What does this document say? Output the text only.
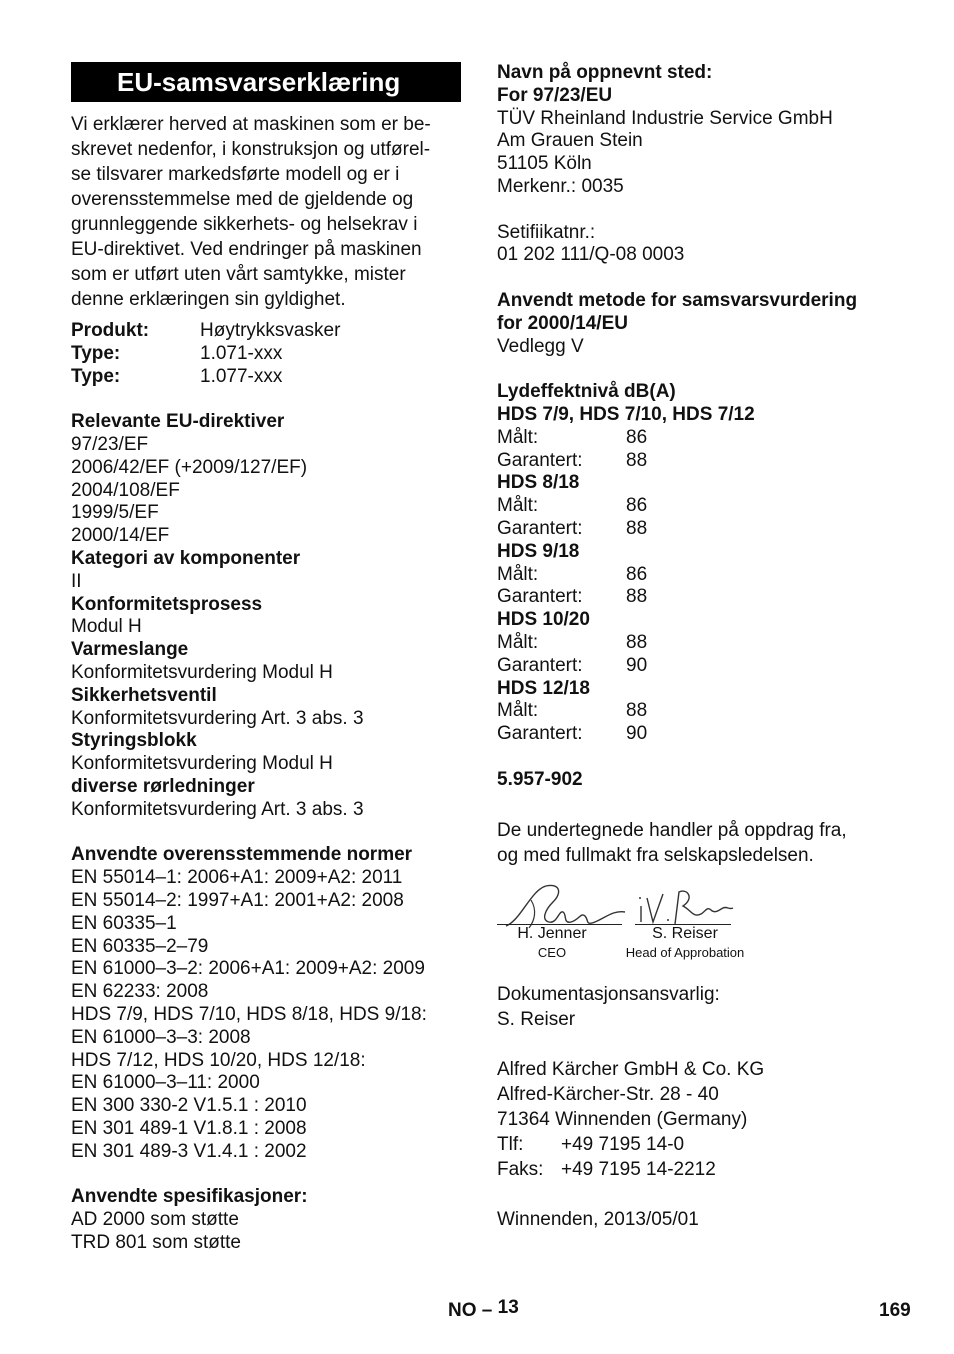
EU-samsvarserklæring
Vi erklærer herved at maskinen som er be-
skrevet nedenfor, i konstruksjon og utførel-
se tilsvarer markedsførte modell og er i
overensstemmelse med de gjeldende og
grunnleggende sikkerhets- og helsekrav i
EU-direktivet. Ved endringer på maskinen
som er utført uten vårt samtykke, mister
denne erklæringen sin gyldighet.
Produkt:	Høytrykksvasker
Type:	1.071-xxx
Type:	1.077-xxx
Relevante EU-direktiver
97/23/EF
2006/42/EF (+2009/127/EF)
2004/108/EF
1999/5/EF
2000/14/EF
Kategori av komponenter
II
Konformitetsprosess
Modul H
Varmeslange
Konformitetsvurdering Modul H
Sikkerhetsventil
Konformitetsvurdering Art. 3 abs. 3
Styringsblokk
Konformitetsvurdering Modul H
diverse rørledninger
Konformitetsvurdering Art. 3 abs. 3
Anvendte overensstemmende normer
EN 55014–1: 2006+A1: 2009+A2: 2011
EN 55014–2: 1997+A1: 2001+A2: 2008
EN 60335–1
EN 60335–2–79
EN 61000–3–2: 2006+A1: 2009+A2: 2009
EN 62233: 2008
HDS 7/9, HDS 7/10, HDS 8/18, HDS 9/18:
EN 61000–3–3: 2008
HDS 7/12, HDS 10/20, HDS 12/18:
EN 61000–3–11: 2000
EN 300 330-2 V1.5.1 : 2010
EN 301 489-1 V1.8.1 : 2008
EN 301 489-3 V1.4.1 : 2002
Anvendte spesifikasjoner:
AD 2000 som støtte
TRD 801 som støtte
Navn på oppnevnt sted:
For 97/23/EU
TÜV Rheinland Industrie Service GmbH
Am Grauen Stein
51105 Köln
Merkenr.: 0035
Setifiikatnr.:
01 202 111/Q-08 0003
Anvendt metode for samsvarsvurdering
for 2000/14/EU
Vedlegg V
Lydeffektnivå dB(A)
HDS 7/9, HDS 7/10, HDS 7/12
Målt:	86
Garantert:	88
HDS 8/18
Målt:	86
Garantert:	88
HDS 9/18
Målt:	86
Garantert:	88
HDS 10/20
Målt:	88
Garantert:	90
HDS 12/18
Målt:	88
Garantert:	90
5.957-902
De undertegnede handler på oppdrag fra,
og med fullmakt fra selskapsledelsen.
H. Jenner
CEO
S. Reiser
Head of Approbation
Dokumentasjonsansvarlig:
S. Reiser
Alfred Kärcher GmbH & Co. KG
Alfred-Kärcher-Str. 28 - 40
71364 Winnenden (Germany)
Tlf: +49 7195 14-0
Faks: +49 7195 14-2212
Winnenden, 2013/05/01
NO – 13	169
